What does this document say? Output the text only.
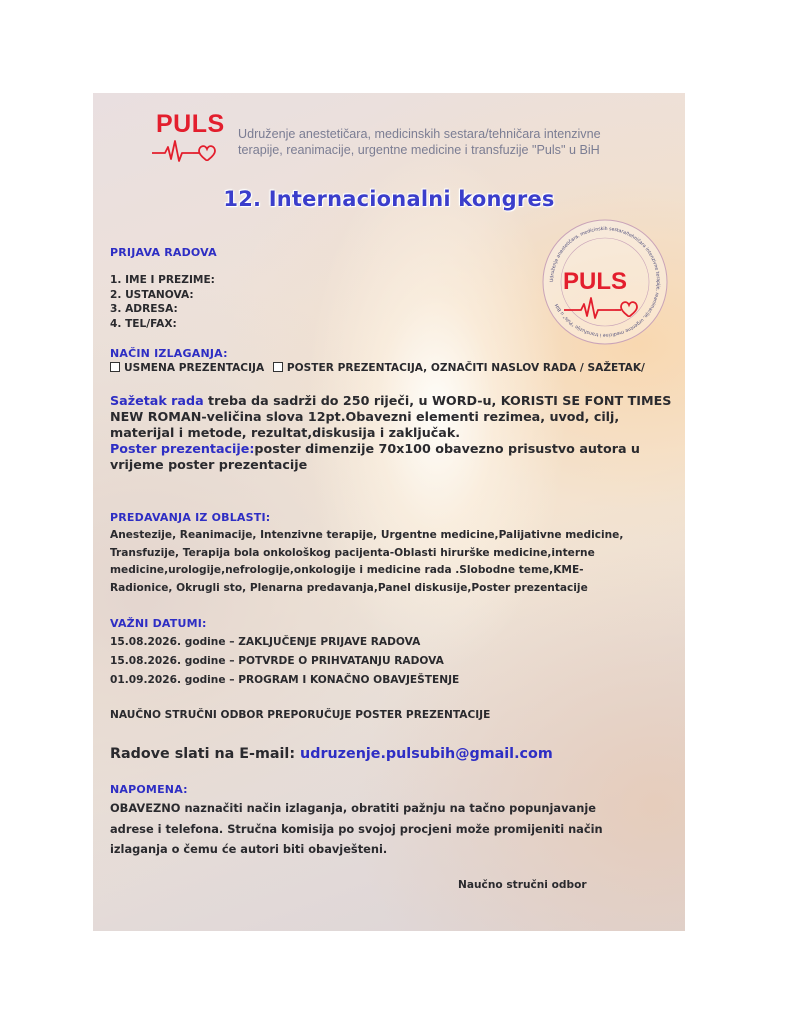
PULS Udruženje anestetičara, medicinskih sestara/tehničara intenzivne
terapije, reanimacije, urgentne medicine i transfuzije "Puls" u BiH
12. Internacionalni kongres
Udruženje anestetičara, medicinskih sestara/tehničara intenzivne terapije, reanimacije, urgentne medicine i transfuzije "Puls" u BiH
PULS
PRIJAVA RADOVA
1. IME I PREZIME:
2. USTANOVA:
3. ADRESA:
4. TEL/FAX:
NAČIN IZLAGANJA:
USMENA PREZENTACIJA POSTER PREZENTACIJA, OZNAČITI NASLOV RADA / SAŽETAK/
Sažetak rada treba da sadrži do 250 riječi, u WORD-u, KORISTI SE FONT TIMES
NEW ROMAN-veličina slova 12pt.Obavezni elementi rezimea, uvod, cilj,
materijal i metode, rezultat,diskusija i zaključak.
Poster prezentacije:poster dimenzije 70x100 obavezno prisustvo autora u
vrijeme poster prezentacije
PREDAVANJA IZ OBLASTI:
Anestezije, Reanimacije, Intenzivne terapije, Urgentne medicine,Palijativne medicine,
Transfuzije, Terapija bola onkološkog pacijenta-Oblasti hirurške medicine,interne
medicine,urologije,nefrologije,onkologije i medicine rada .Slobodne teme,KME-
Radionice, Okrugli sto, Plenarna predavanja,Panel diskusije,Poster prezentacije
VAŽNI DATUMI:
15.08.2026. godine – ZAKLJUČENJE PRIJAVE RADOVA
15.08.2026. godine – POTVRDE O PRIHVATANJU RADOVA
01.09.2026. godine – PROGRAM I KONAČNO OBAVJEŠTENJE
NAUČNO STRUČNI ODBOR PREPORUČUJE POSTER PREZENTACIJE
Radove slati na E-mail: udruzenje.pulsubih@gmail.com
NAPOMENA:
OBAVEZNO naznačiti način izlaganja, obratiti pažnju na tačno popunjavanje
adrese i telefona. Stručna komisija po svojoj procjeni može promijeniti način
izlaganja o čemu će autori biti obavješteni.
Naučno stručni odbor
